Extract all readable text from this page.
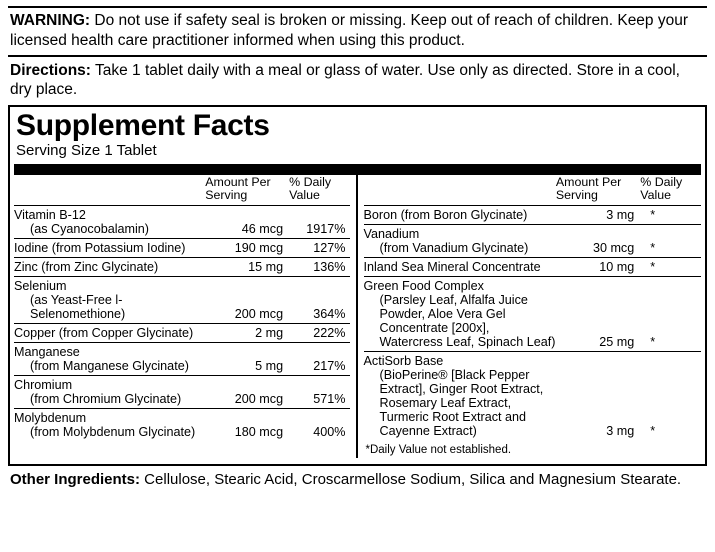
WARNING: Do not use if safety seal is broken or missing. Keep out of reach of children. Keep your licensed health care practitioner informed when using this product.
Directions: Take 1 tablet daily with a meal or glass of water. Use only as directed. Store in a cool, dry place.
Supplement Facts
Serving Size 1 Tablet

	Amount Per
Serving	% Daily
Value

Vitamin B-12
(as Cyanocobalamin)	46 mcg	1917%
Iodine (from Potassium Iodine)	190 mcg	127%
Zinc (from Zinc Glycinate)	15 mg	136%
Selenium
(as Yeast-Free l-Selenomethione)	200 mcg	364%
Copper (from Copper Glycinate)	2 mg	222%
Manganese
(from Manganese Glycinate)	5 mg	217%
Chromium
(from Chromium Glycinate)	200 mcg	571%
Molybdenum
(from Molybdenum Glycinate)	180 mcg	400%

	Amount Per
Serving	% Daily
Value

Boron (from Boron Glycinate)	3 mg	*
Vanadium
(from Vanadium Glycinate)	30 mcg	*
Inland Sea Mineral Concentrate	10 mg	*
Green Food Complex
(Parsley Leaf, Alfalfa Juice Powder, Aloe Vera Gel Concentrate [200x], Watercress Leaf, Spinach Leaf)	25 mg	*
ActiSorb Base
(BioPerine® [Black Pepper Extract], Ginger Root Extract, Rosemary Leaf Extract, Turmeric Root Extract and Cayenne Extract)	3 mg	*
*Daily Value not established.
Other Ingredients: Cellulose, Stearic Acid, Croscarmellose Sodium, Silica and Magnesium Stearate.
